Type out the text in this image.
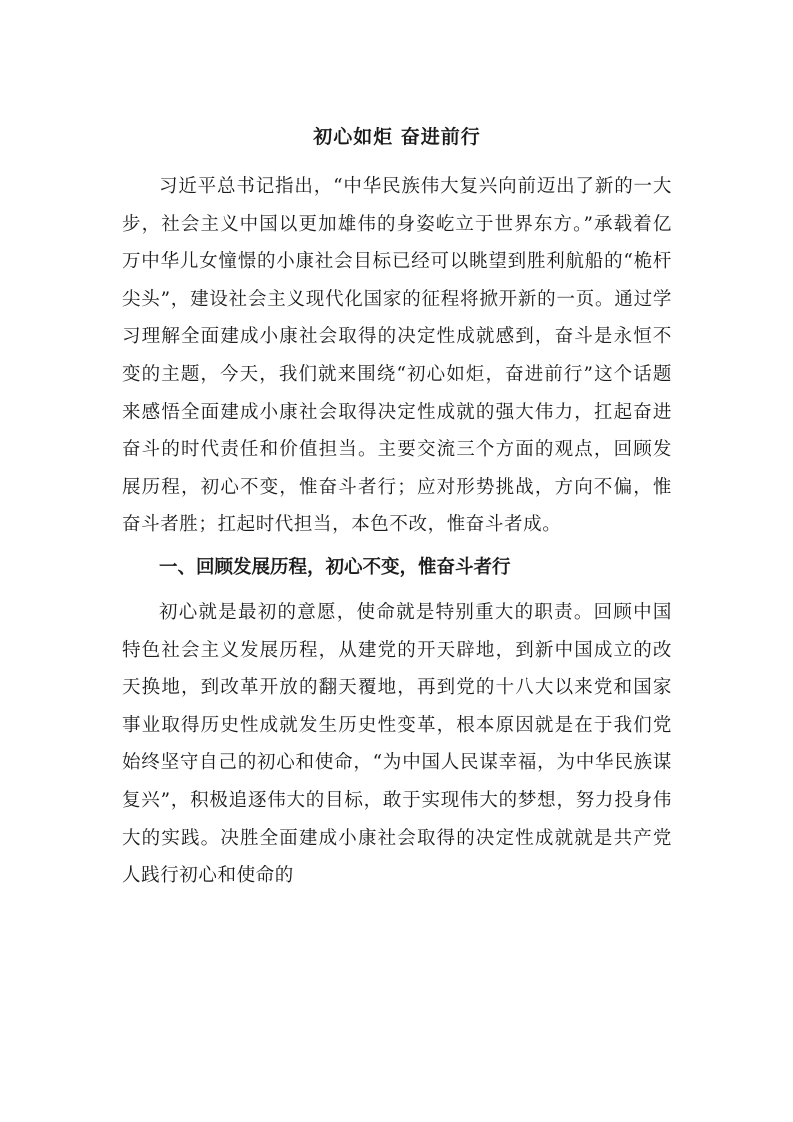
初心如炬 奋进前行

习近平总书记指出，“中华民族伟大复兴向前迈出了新的一大步，社会主义中国以更加雄伟的身姿屹立于世界东方。”承载着亿万中华儿女憧憬的小康社会目标已经可以眺望到胜利航船的“桅杆尖头”，建设社会主义现代化国家的征程将掀开新的一页。通过学习理解全面建成小康社会取得的决定性成就感到，奋斗是永恒不变的主题，今天，我们就来围绕“初心如炬，奋进前行”这个话题来感悟全面建成小康社会取得决定性成就的强大伟力，扛起奋进奋斗的时代责任和价值担当。主要交流三个方面的观点，回顾发展历程，初心不变，惟奋斗者行；应对形势挑战，方向不偏，惟奋斗者胜；扛起时代担当，本色不改，惟奋斗者成。

一、回顾发展历程，初心不变，惟奋斗者行

初心就是最初的意愿，使命就是特别重大的职责。回顾中国特色社会主义发展历程，从建党的开天辟地，到新中国成立的改天换地，到改革开放的翻天覆地，再到党的十八大以来党和国家事业取得历史性成就发生历史性变革，根本原因就是在于我们党始终坚守自己的初心和使命，“为中国人民谋幸福，为中华民族谋复兴”，积极追逐伟大的目标，敢于实现伟大的梦想，努力投身伟大的实践。决胜全面建成小康社会取得的决定性成就就是共产党人践行初心和使命的
